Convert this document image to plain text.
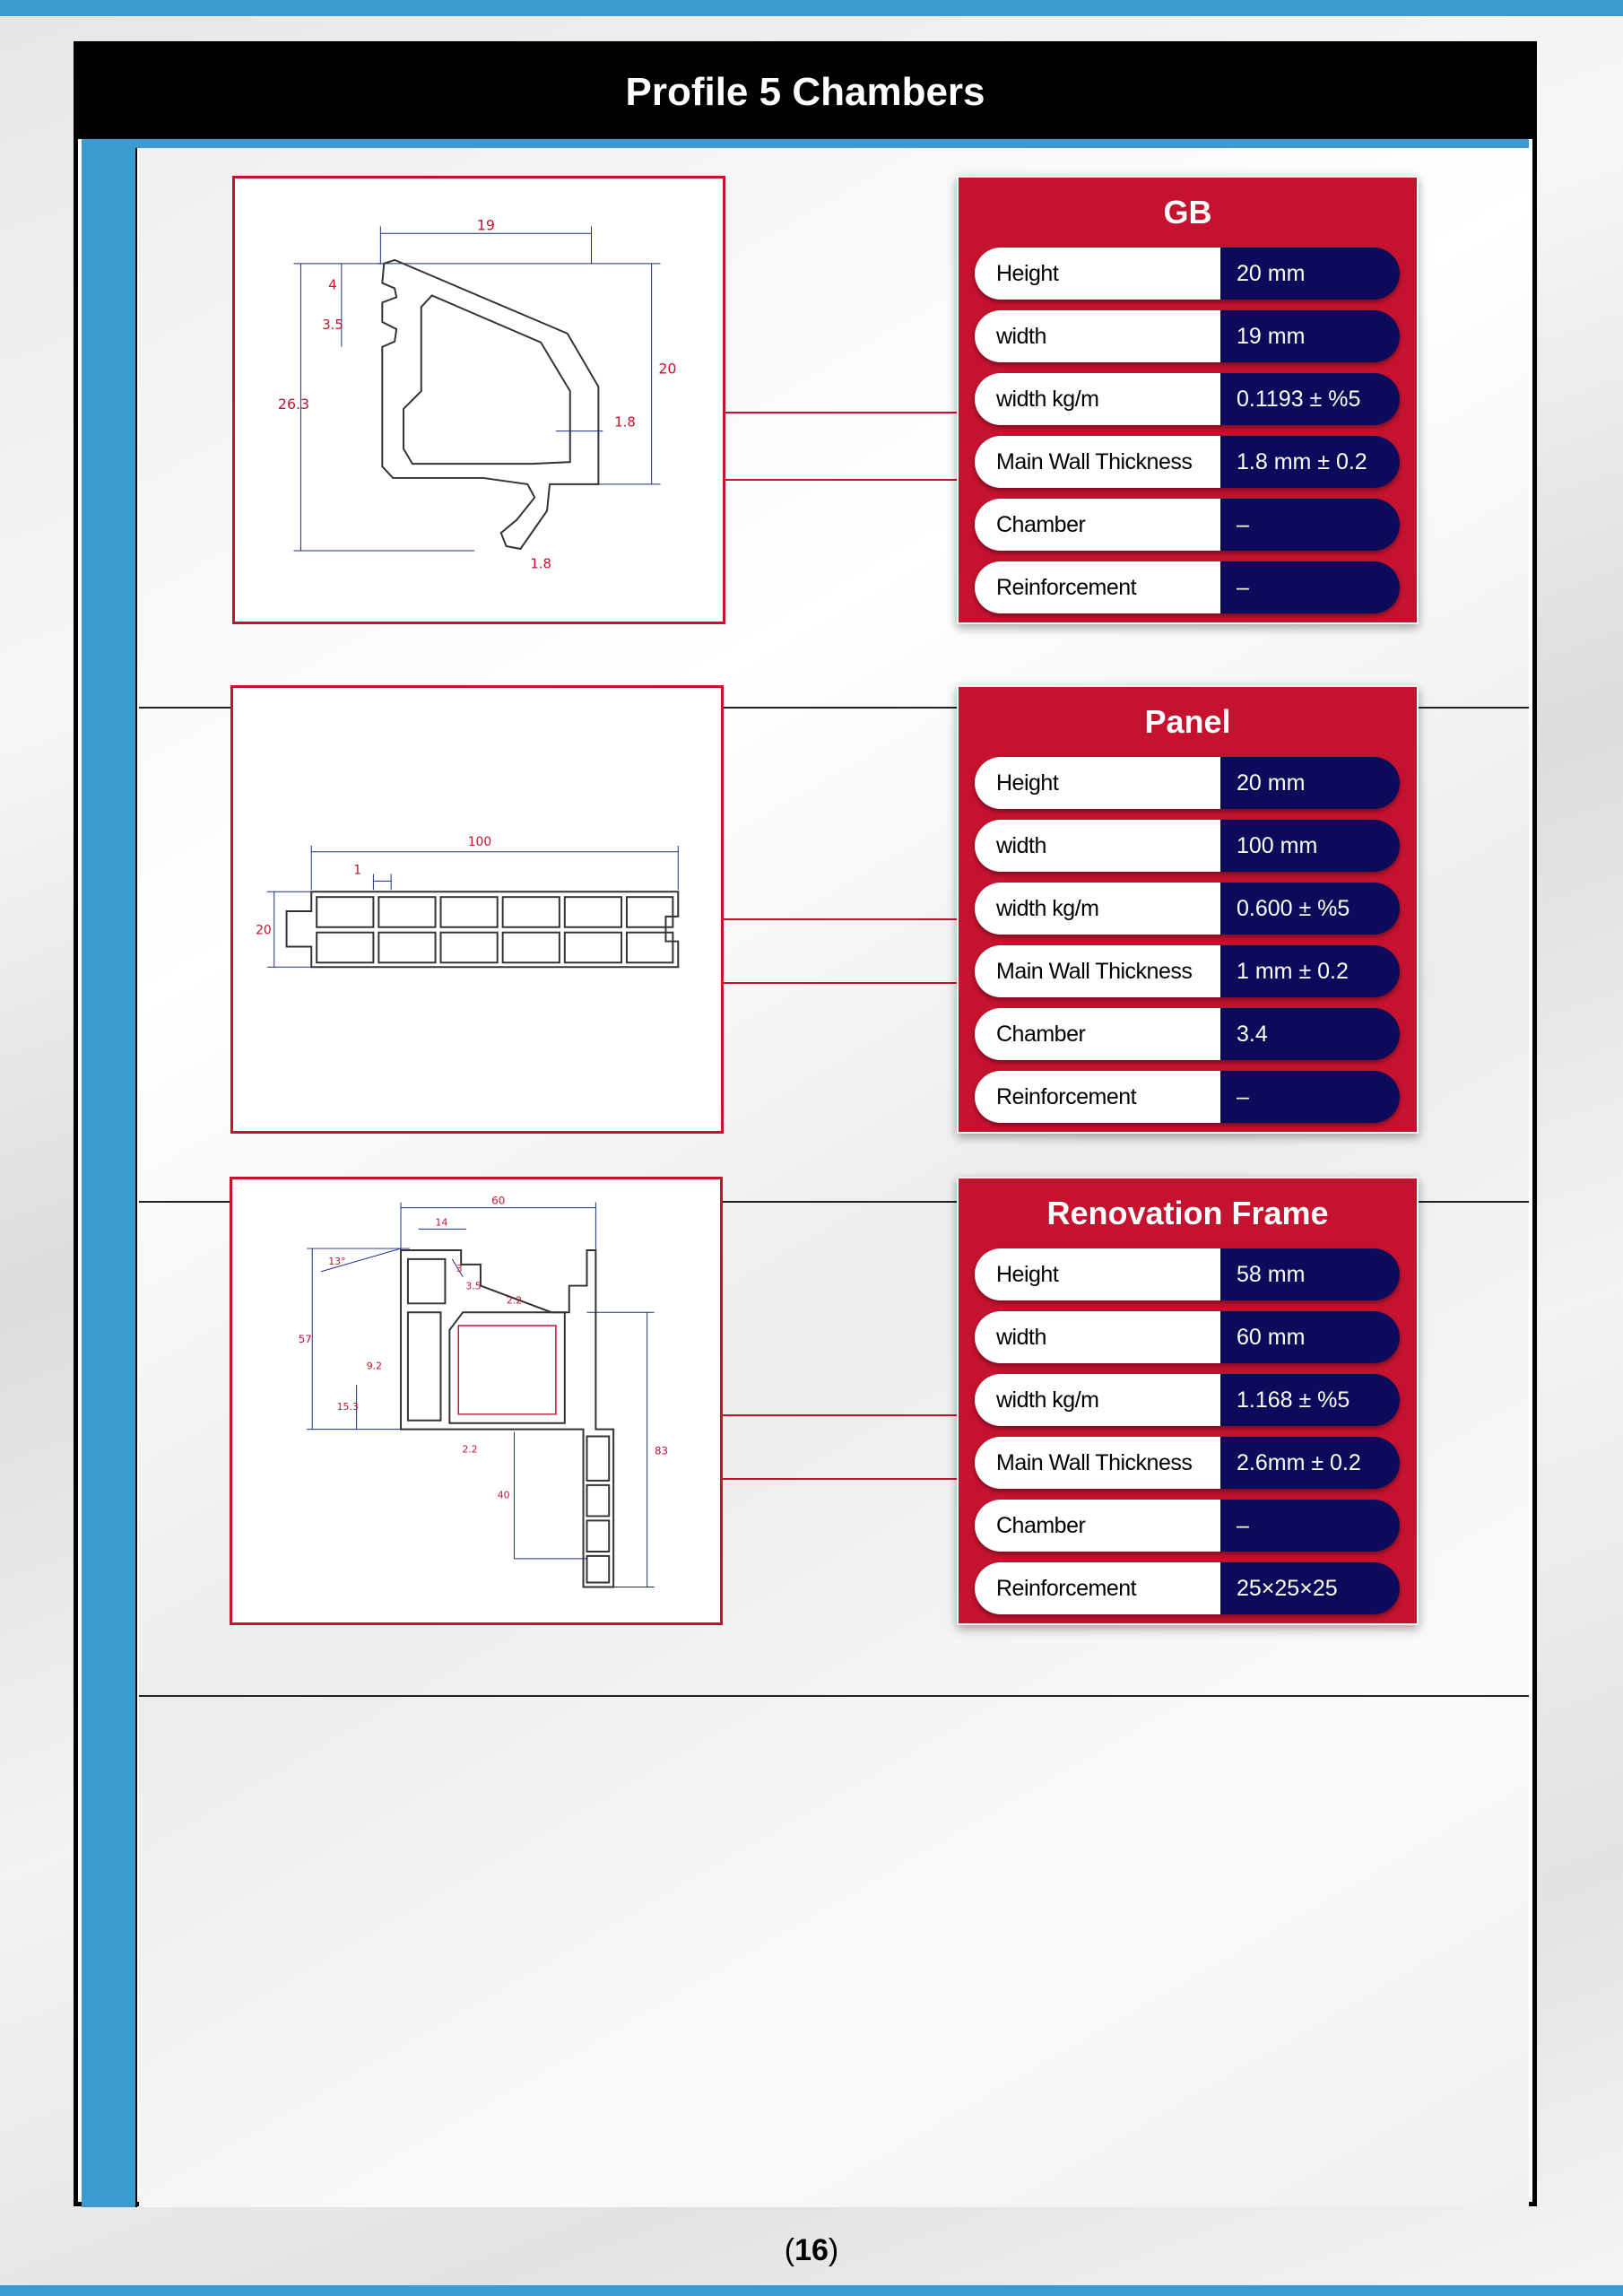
Profile 5 Chambers
19
4
3.5
26.3
20
1.8
1.8
GB
Height	20 mm
width	19 mm
width kg/m	0.1193 ± %5
Main Wall Thickness	1.8 mm ± 0.2
Chamber	–
Reinforcement	–
100
1
20
Panel
Height	20 mm
width	100 mm
width kg/m	0.600 ± %5
Main Wall Thickness	1 mm ± 0.2
Chamber	3.4
Reinforcement	–
60
14
57
13°
3
3.5
2.2
9.2
15.3
83
40
2.2
Renovation Frame
Height	58 mm
width	60 mm
width kg/m	1.168 ± %5
Main Wall Thickness	2.6mm ± 0.2
Chamber	–
Reinforcement	25×25×25
(16)
